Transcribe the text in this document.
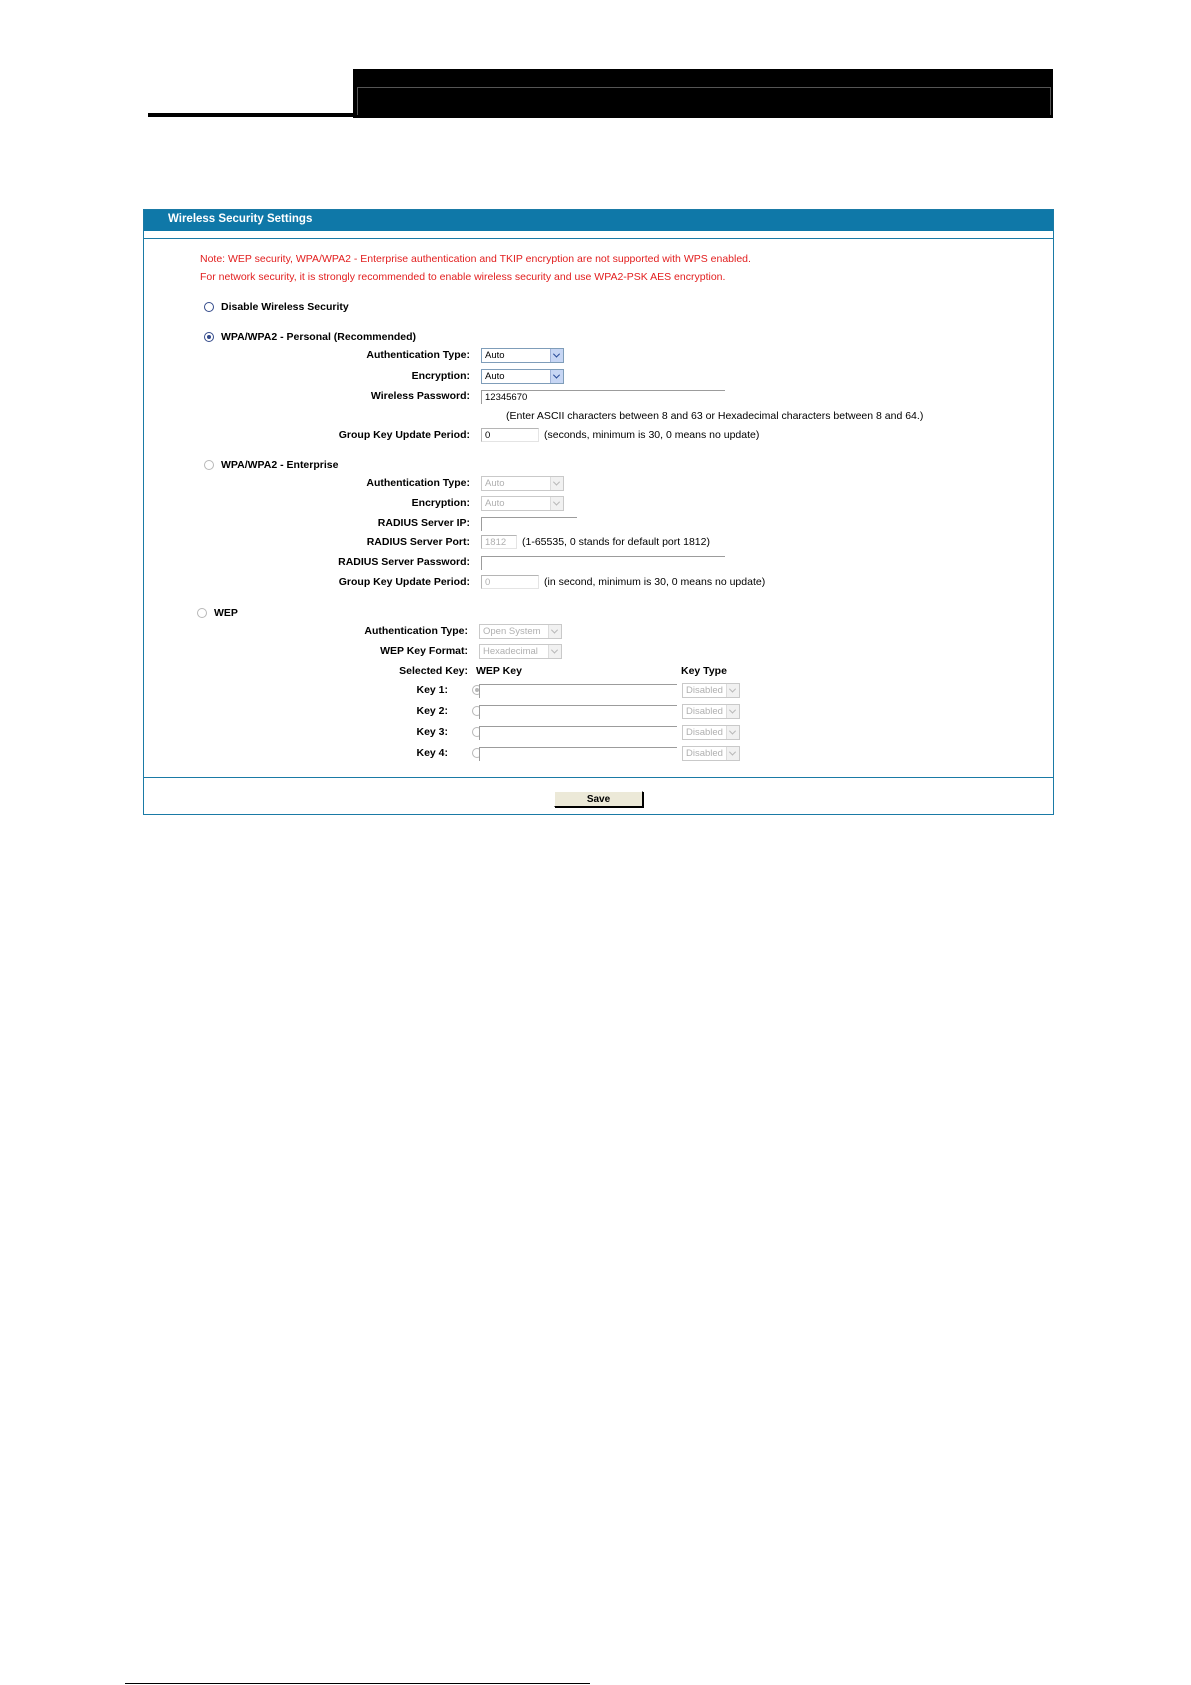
Wireless Security Settings
Note: WEP security, WPA/WPA2 - Enterprise authentication and TKIP encryption are not supported with WPS enabled.
For network security, it is strongly recommended to enable wireless security and use WPA2-PSK AES encryption.
Disable Wireless Security
WPA/WPA2 - Personal (Recommended)
Authentication Type: Auto
Encryption: Auto
Wireless Password: 12345670
(Enter ASCII characters between 8 and 63 or Hexadecimal characters between 8 and 64.)
Group Key Update Period: 0	(seconds, minimum is 30, 0 means no update)
WPA/WPA2 - Enterprise
Authentication Type: Auto
Encryption: Auto
RADIUS Server IP:
RADIUS Server Port: 1812 (1-65535, 0 stands for default port 1812)
RADIUS Server Password:
Group Key Update Period: 0	(in second, minimum is 30, 0 means no update)
WEP
Authentication Type: Open System
WEP Key Format: Hexadecimal
Selected Key: WEP Key	Key Type
Key 1:	Disabled
Key 2:	Disabled
Key 3:	Disabled
Key 4:	Disabled
Save
